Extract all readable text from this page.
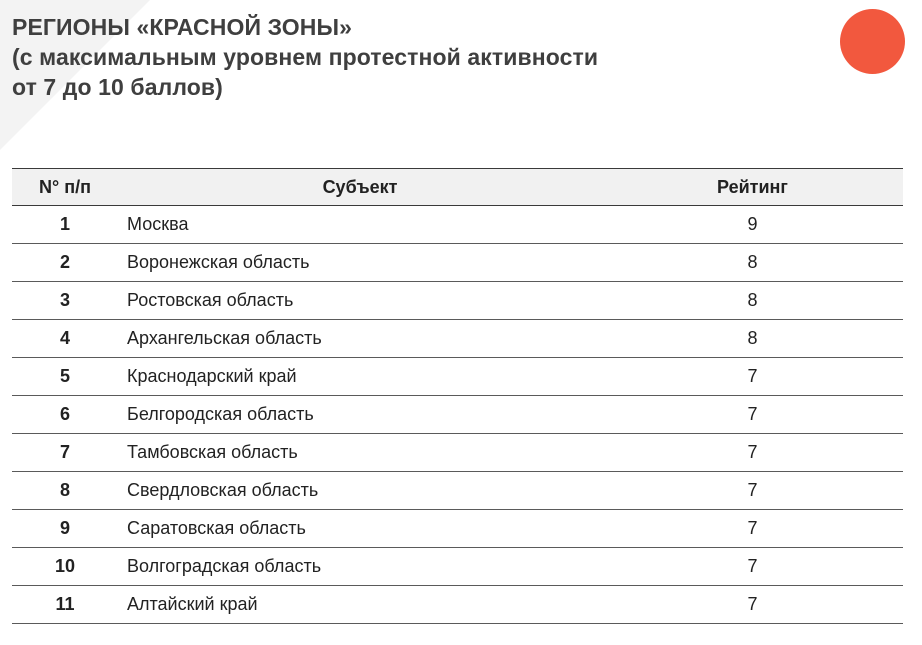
РЕГИОНЫ «КРАСНОЙ ЗОНЫ»
(с максимальным уровнем протестной активности
от 7 до 10 баллов)
N° п/п	Субъект	Рейтинг
1	Москва	9
2	Воронежская область	8
3	Ростовская область	8
4	Архангельская область	8
5	Краснодарский край	7
6	Белгородская область	7
7	Тамбовская область	7
8	Свердловская область	7
9	Саратовская область	7
10	Волгоградская область	7
11	Алтайский край	7
